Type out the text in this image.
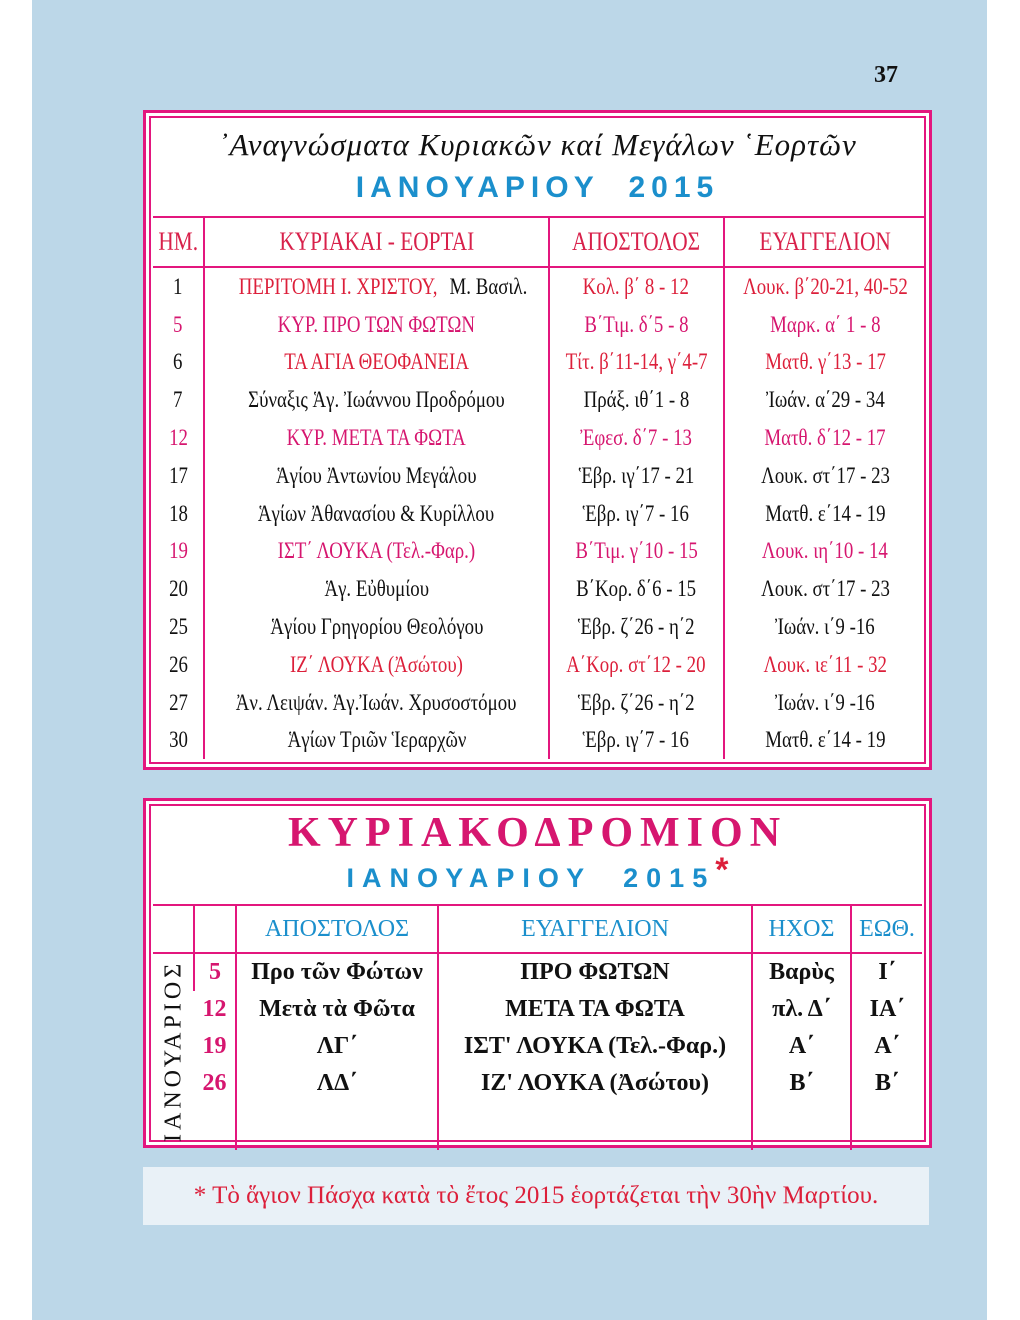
37
᾿Αναγνώσματα Κυριακῶν καί Μεγάλων ῾Εορτῶν
ΙΑΝΟΥΑΡΙΟΥ 2015
ΗΜ.	ΚΥΡΙΑΚΑΙ - ΕΟΡΤΑΙ	ΑΠΟΣΤΟΛΟΣ	ΕΥΑΓΓΕΛΙΟΝ
1	ΠΕΡΙΤΟΜΗ Ι. ΧΡΙΣΤΟΥ,Μ. Βασιλ.	Κολ. β΄ 8 - 12	Λουκ. β΄20-21, 40-52
5	ΚΥΡ. ΠΡΟ ΤΩΝ ΦΩΤΩΝ	Β΄Τιμ. δ΄5 - 8	Μαρκ. α΄ 1 - 8
6	ΤΑ ΑΓΙΑ ΘΕΟΦΑΝΕΙΑ	Τίτ. β΄11-14, γ΄4-7	Ματθ. γ΄13 - 17
7	Σύναξις Ἁγ. Ἰωάννου Προδρόμου	Πράξ. ιθ΄1 - 8	Ἰωάν. α΄29 - 34
12	ΚΥΡ. ΜΕΤΑ ΤΑ ΦΩΤΑ	Ἐφεσ. δ΄7 - 13	Ματθ. δ΄12 - 17
17	Ἁγίου Ἀντωνίου Μεγάλου	Ἑβρ. ιγ΄17 - 21	Λουκ. στ΄17 - 23
18	Ἁγίων Ἀθανασίου & Κυρίλλου	Ἑβρ. ιγ΄7 - 16	Ματθ. ε΄14 - 19
19	ΙΣΤ΄ ΛΟΥΚΑ (Τελ.-Φαρ.)	Β΄Τιμ. γ΄10 - 15	Λουκ. ιη΄10 - 14
20	Ἁγ. Εὐθυμίου	Β΄Κορ. δ΄6 - 15	Λουκ. στ΄17 - 23
25	Ἁγίου Γρηγορίου Θεολόγου	Ἑβρ. ζ΄26 - η΄2	Ἰωάν. ι΄9 -16
26	ΙΖ΄ ΛΟΥΚΑ (Ἀσώτου)	Α΄Κορ. στ΄12 - 20	Λουκ. ιε΄11 - 32
27	Ἀν. Λειψάν. Ἁγ.Ἰωάν. Χρυσοστόμου	Ἑβρ. ζ΄26 - η΄2	Ἰωάν. ι΄9 -16
30	Ἁγίων Τριῶν Ἱεραρχῶν	Ἑβρ. ιγ΄7 - 16	Ματθ. ε΄14 - 19
ΚΥΡΙΑΚΟΔΡΟΜΙΟΝ
ΙΑΝΟΥΑΡΙΟΥ 2015*
		ΑΠΟΣΤΟΛΟΣ	ΕΥΑΓΓΕΛΙΟΝ	ΗΧΟΣ	ΕΩΘ.
ΙΑΝΟΥΑΡΙΟΣ	5	Προ τῶν Φώτων	ΠΡΟ ΦΩΤΩΝ	Βαρὺς	Ι΄
	12	Μετὰ τὰ Φῶτα	ΜΕΤΑ ΤΑ ΦΩΤΑ	πλ. Δ΄	ΙΑ΄
	19	ΛΓ΄	ΙΣΤ' ΛΟΥΚΑ (Τελ.-Φαρ.)	Α΄	Α΄
	26	ΛΔ΄	ΙΖ' ΛΟΥΚΑ (Ἀσώτου)	Β΄	Β΄

* Τὸ ἅγιον Πάσχα κατὰ τὸ ἔτος 2015 ἑορτάζεται τὴν 30ὴν Μαρτίου.
